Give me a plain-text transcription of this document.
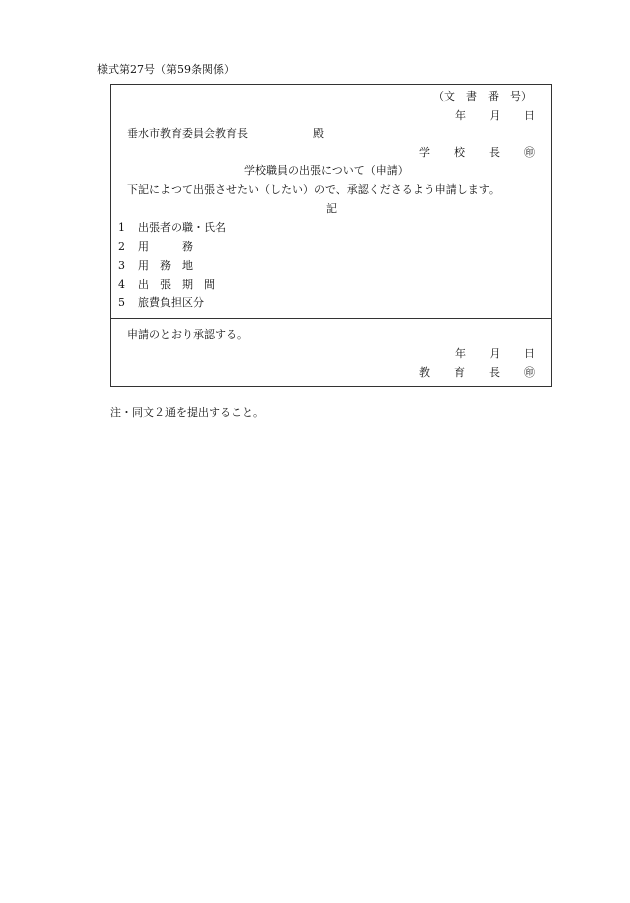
様式第27号（第59条関係）
（文　書　番　号）
年 月 日
垂水市教育委員会教育長	殿
学 校 長 ㊞
学校職員の出張について（申請）
下記によつて出張させたい（したい）ので、承認くださるよう申請します。
記
1 出張者の職・氏名
2 用　　　務
3 用　務　地
4 出　張　期　間
5 旅費負担区分
申請のとおり承認する。
年 月 日
教 育 長 ㊞
注・同文２通を提出すること。
